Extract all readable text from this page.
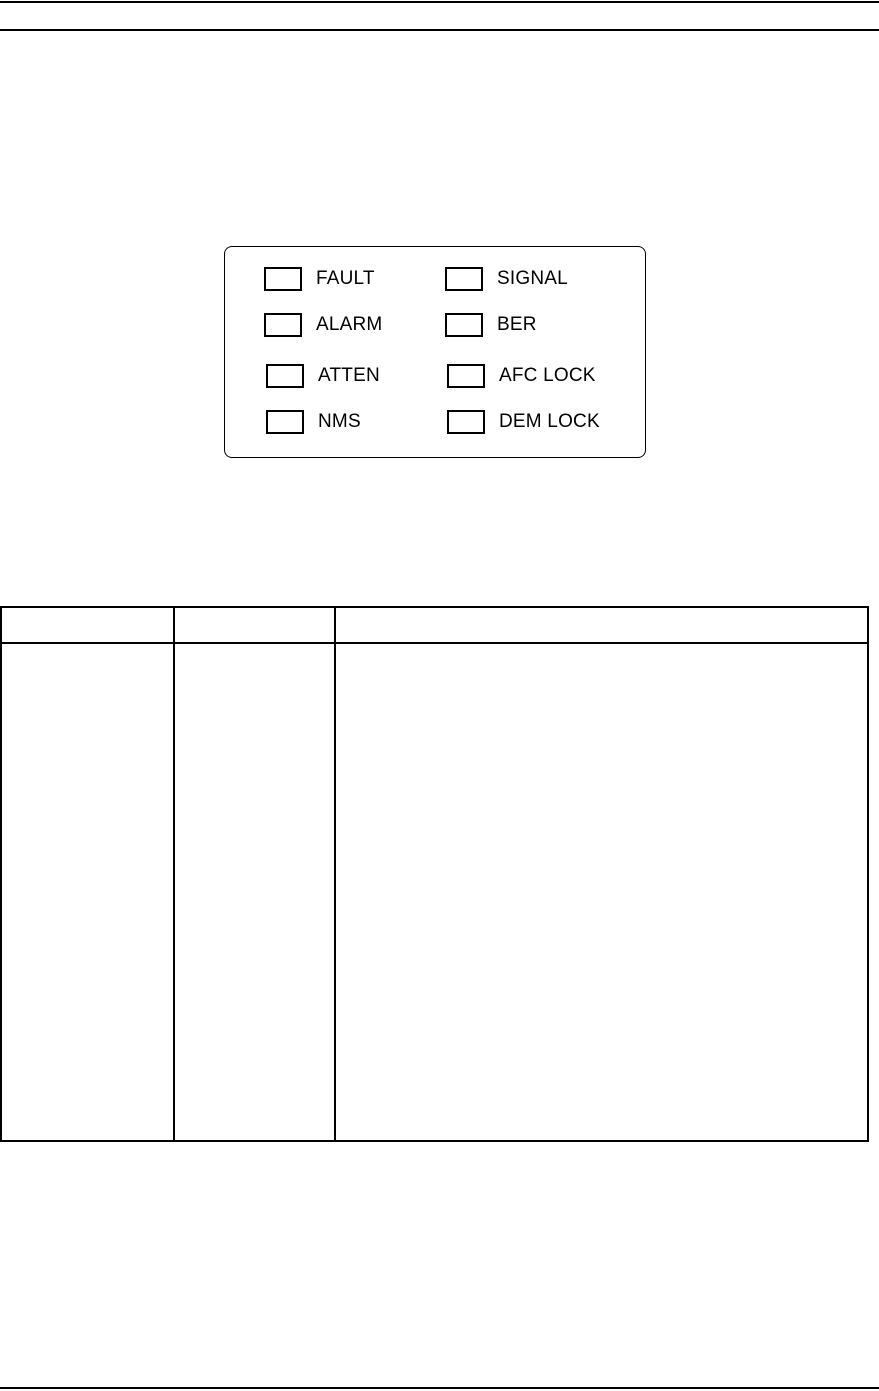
FAULT
ALARM
ATTEN
NMS
SIGNAL
BER
AFC LOCK
DEM LOCK
